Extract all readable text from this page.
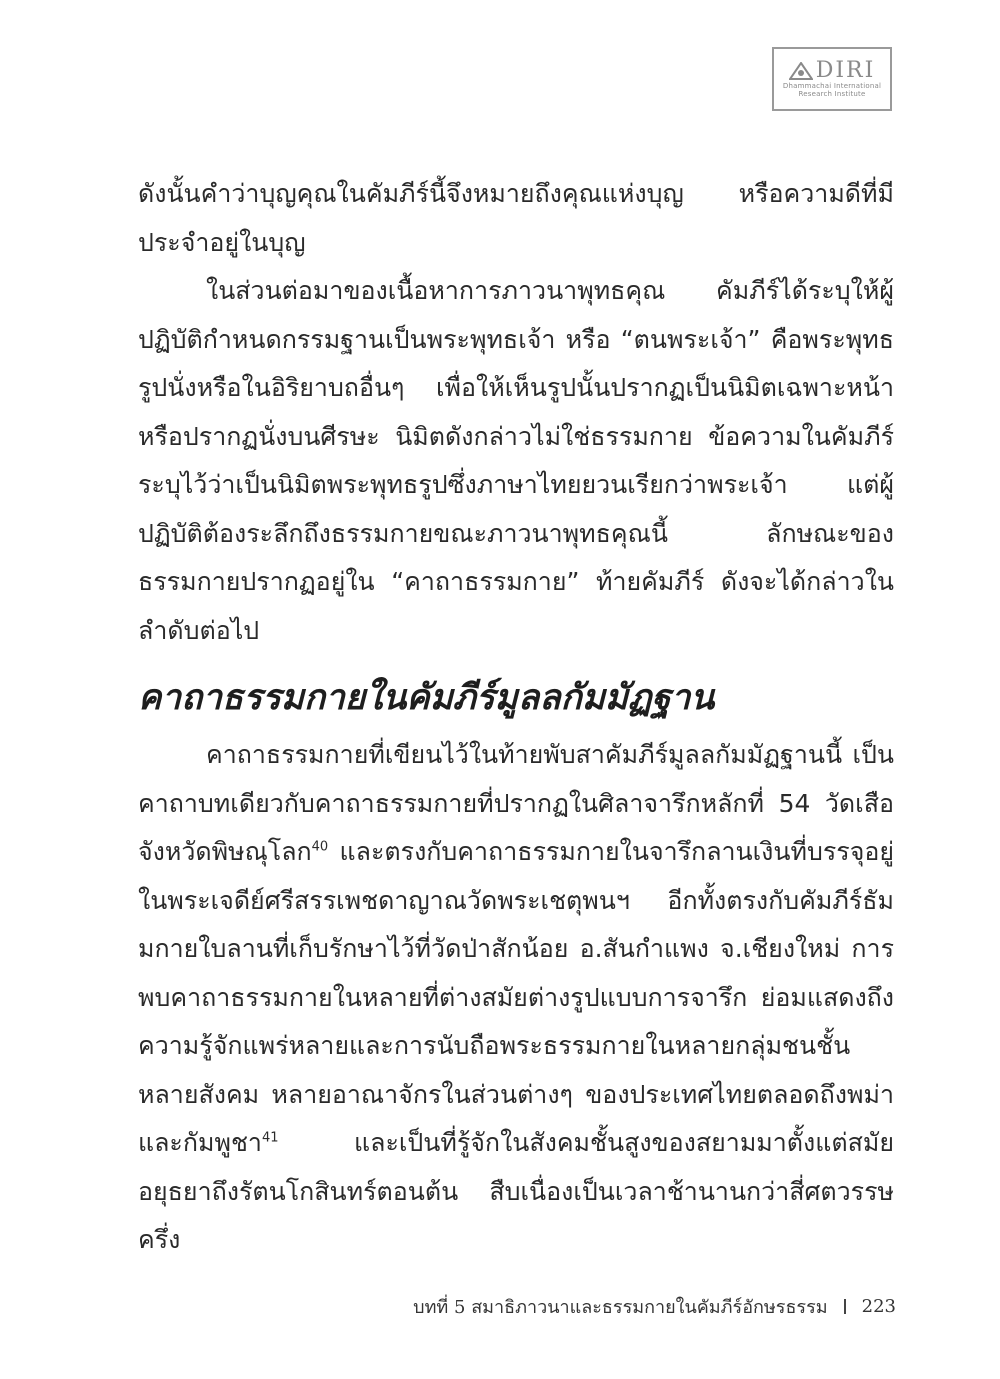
DIRI
Dhammachai International
Research Institute

ดังนั้นคำว่าบุญคุณในคัมภีร์นี้จึงหมายถึงคุณแห่งบุญ หรือความดีที่มีประจำอยู่ในบุญ

ในส่วนต่อมาของเนื้อหาการภาวนาพุทธคุณ คัมภีร์ได้ระบุให้ผู้ปฏิบัติกำหนดกรรมฐานเป็นพระพุทธเจ้า หรือ “ตนพระเจ้า” คือพระพุทธรูปนั่งหรือในอิริยาบถอื่นๆ เพื่อให้เห็นรูปนั้นปรากฏเป็นนิมิตเฉพาะหน้าหรือปรากฏนั่งบนศีรษะ นิมิตดังกล่าวไม่ใช่ธรรมกาย ข้อความในคัมภีร์ระบุไว้ว่าเป็นนิมิตพระพุทธรูปซึ่งภาษาไทยยวนเรียกว่าพระเจ้า แต่ผู้ปฏิบัติต้องระลึกถึงธรรมกายขณะภาวนาพุทธคุณนี้ ลักษณะของธรรมกายปรากฏอยู่ใน “คาถาธรรมกาย” ท้ายคัมภีร์ ดังจะได้กล่าวในลำดับต่อไป

คาถาธรรมกายในคัมภีร์มูลลกัมมัฏฐาน

คาถาธรรมกายที่เขียนไว้ในท้ายพับสาคัมภีร์มูลลกัมมัฏฐานนี้ เป็นคาถาบทเดียวกับคาถาธรรมกายที่ปรากฏในศิลาจารึกหลักที่ 54 วัดเสือ จังหวัดพิษณุโลก$^{40}$ และตรงกับคาถาธรรมกายในจารึกลานเงินที่บรรจุอยู่ในพระเจดีย์ศรีสรรเพชดาญาณวัดพระเชตุพนฯ อีกทั้งตรงกับคัมภีร์ธัมมกายใบลานที่เก็บรักษาไว้ที่วัดป่าสักน้อย อ.สันกำแพง จ.เชียงใหม่ การพบคาถาธรรมกายในหลายที่ต่างสมัยต่างรูปแบบการจารึก ย่อมแสดงถึงความรู้จักแพร่หลายและการนับถือพระธรรมกายในหลายกลุ่มชนชั้น หลายสังคม หลายอาณาจักรในส่วนต่างๆ ของประเทศไทยตลอดถึงพม่าและกัมพูชา$^{41}$ และเป็นที่รู้จักในสังคมชั้นสูงของสยามมาตั้งแต่สมัยอยุธยาถึงรัตนโกสินทร์ตอนต้น สืบเนื่องเป็นเวลาช้านานกว่าสี่ศตวรรษครึ่ง

บทที่ 5 สมาธิภาวนาและธรรมกายในคัมภีร์อักษรธรรม 223
